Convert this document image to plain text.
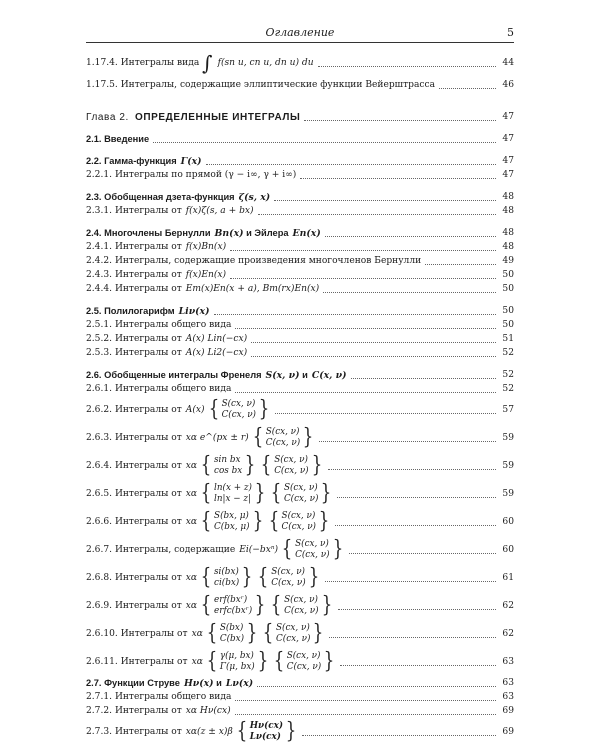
Оглавление	5
1.17.4.
Интегралы вида
∫ f(sn u, cn u, dn u) du	44
1.17.5.
Интегралы, содержащие эллиптические функции Вейерштрасса	46
Глава 2. ОПРЕДЕЛЕННЫЕ ИНТЕГРАЛЫ	47
2.1. Введение	47
2.2. Гамма-функция Γ(x)	47
2.2.1.
Интегралы по прямой (γ − i∞, γ + i∞)	47
2.3. Обобщенная дзета-функция ζ(s, x)	48
2.3.1.
Интегралы от f(x)ζ(s, a + bx)	48
2.4. Многочлены Бернулли Bn(x)
и Эйлера En(x)	48
2.4.1.
Интегралы от f(x)Bn(x)	48
2.4.2.
Интегралы, содержащие произведения многочленов Бернулли	49
2.4.3.
Интегралы от f(x)En(x)	50
2.4.4.
Интегралы от Em(x)En(x + a), Bm(rx)En(x)	50
2.5. Полилогарифм Liν(x)	50
2.5.1.
Интегралы общего вида	50
2.5.2.
Интегралы от A(x) Lin(−cx)	51
2.5.3.
Интегралы от A(x) Li2(−cx)	52
2.6. Обобщенные интегралы Френеля S(x, ν)
и C(x, ν)	52
2.6.1.
Интегралы общего вида	52
2.6.2.
Интегралы от A(x) { S(cx, ν)
C(cx, ν) }	57
2.6.3.
Интегралы от xα e^(px ± r) { S(cx, ν)
C(cx, ν) }	59
2.6.4.
Интегралы от xα { sin bx
cos bx } { S(cx, ν)
C(cx, ν) }	59
2.6.5.
Интегралы от xα { ln(x + z)
ln|x − z| } { S(cx, ν)
C(cx, ν) }	59
2.6.6.
Интегралы от xα { S(bx, μ)
C(bx, μ) } { S(cx, ν)
C(cx, ν) }	60
2.6.7.
Интегралы, содержащие Ei(−bxⁿ) { S(cx, ν)
C(cx, ν) }	60
2.6.8.
Интегралы от xα { si(bx)
ci(bx) } { S(cx, ν)
C(cx, ν) }	61
2.6.9.
Интегралы от xα { erf(bxʳ)
erfc(bxʳ) } { S(cx, ν)
C(cx, ν) }	62
2.6.10.
Интегралы от xα { S(bx)
C(bx) } { S(cx, ν)
C(cx, ν) }	62
2.6.11.
Интегралы от xα { γ(μ, bx)
Γ(μ, bx) } { S(cx, ν)
C(cx, ν) }	63
2.7. Функции Струве Hν(x)
и Lν(x)	63
2.7.1.
Интегралы общего вида	63
2.7.2.
Интегралы от xα Hν(cx)	69
2.7.3.
Интегралы от xα(z ± x)β { Hν(cx)
Lν(cx) }	69
